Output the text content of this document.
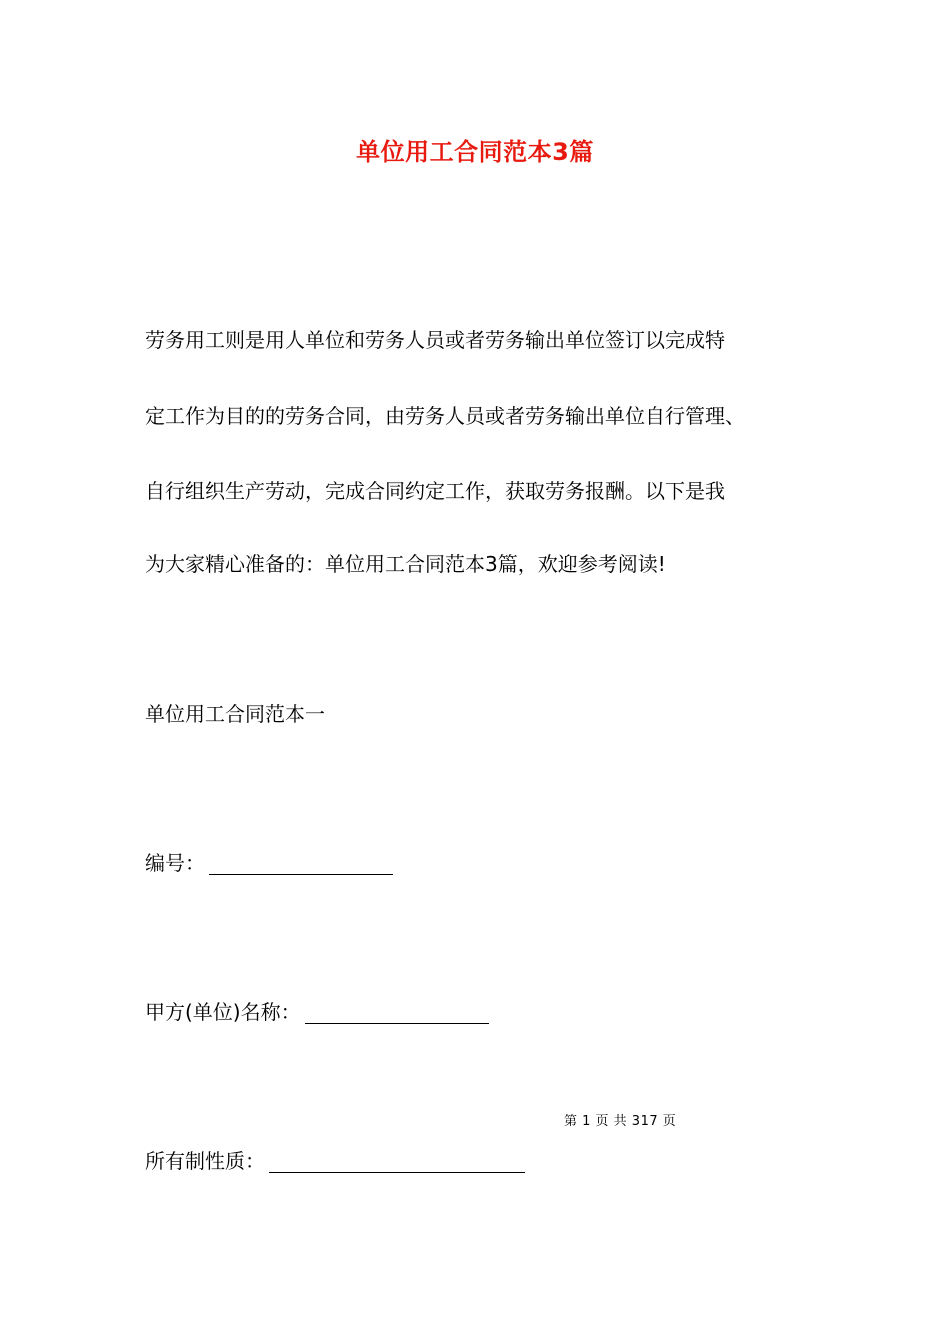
单位用工合同范本3篇
劳务用工则是用人单位和劳务人员或者劳务输出单位签订以完成特
定工作为目的的劳务合同，由劳务人员或者劳务输出单位自行管理、
自行组织生产劳动，完成合同约定工作，获取劳务报酬。以下是我
为大家精心准备的：单位用工合同范本3篇，欢迎参考阅读!
单位用工合同范本一
编号：
甲方(单位)名称：
第 1 页 共 317 页
所有制性质：
